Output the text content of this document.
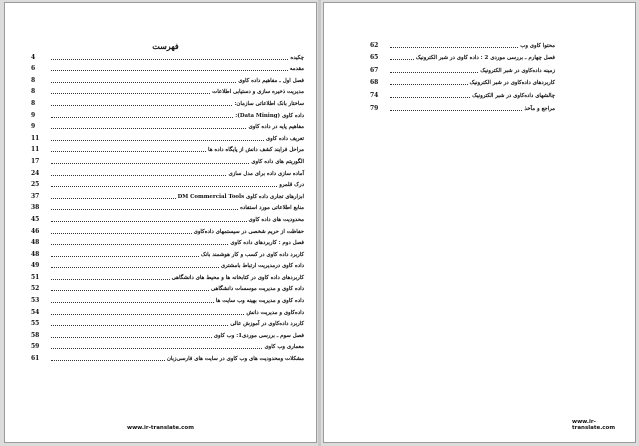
فهرست
4	چکیده
6	مقدمه
8	فصل اول ـ مفاهیم داده کاوی
8	مدیریت ذخیره سازی و دستیابی اطلاعات
8	ساختار بانک اطلاعاتی سازمان:
9	داده کاوی (Data Mining):
9	مفاهیم پایه در داده کاوی
11	تعریف داده کاوی
11	مراحل فرایند کشف دانش از پایگاه داده ها
17	الگوریتم های داده کاوی
24	آماده سازی داده برای مدل سازی
25	درک قلمرو
37	ابزارهای تجاری داده کاوی DM Commercial Tools
38	منابع اطلاعاتی مورد استفاده
45	محدودیت های داده کاوی
46	حفاظت از حریم شخصی در سیستمهای داده‌کاوی
48	فصل دوم : کاربردهای داده کاوی
48	کاربرد داده کاوی در کسب و کار هوشمند بانک
49	داده کاوی درمدیریت ارتباط بامشتری
51	کاربردهای داده کاوی در کتابخانه ها و محیط های دانشگاهی
52	داده کاوی و مدیریت موسسات دانشگاهی
53	داده کاوی و مدیریت بهینه وب سایت ها
54	داده‌کاوی و مدیریت دانش
55	کاربرد داده‌کاوی در آموزش عالی
58	فصل سوم ـ بررسی موردی1: وب کاوی
59	معماری وب کاوی
61	مشکلات ومحدودیت های وب کاوی در سایت های فارسی‌زبان
www.ir-translate.com
62	محتوا کاوی وب
65	فصل چهارم ـ بررسی موردی 2 : داده کاوی در شبر الکترونیک
67	زمینه داده‌کاوی در شبر الکترونیک
68	کاربردهای داده‌کاوی در شبر الکترونیک
74	چالشهای داده‌کاوی در شبر الکترونیک
79	مراجع و مآخذ
www.ir-translate.com
